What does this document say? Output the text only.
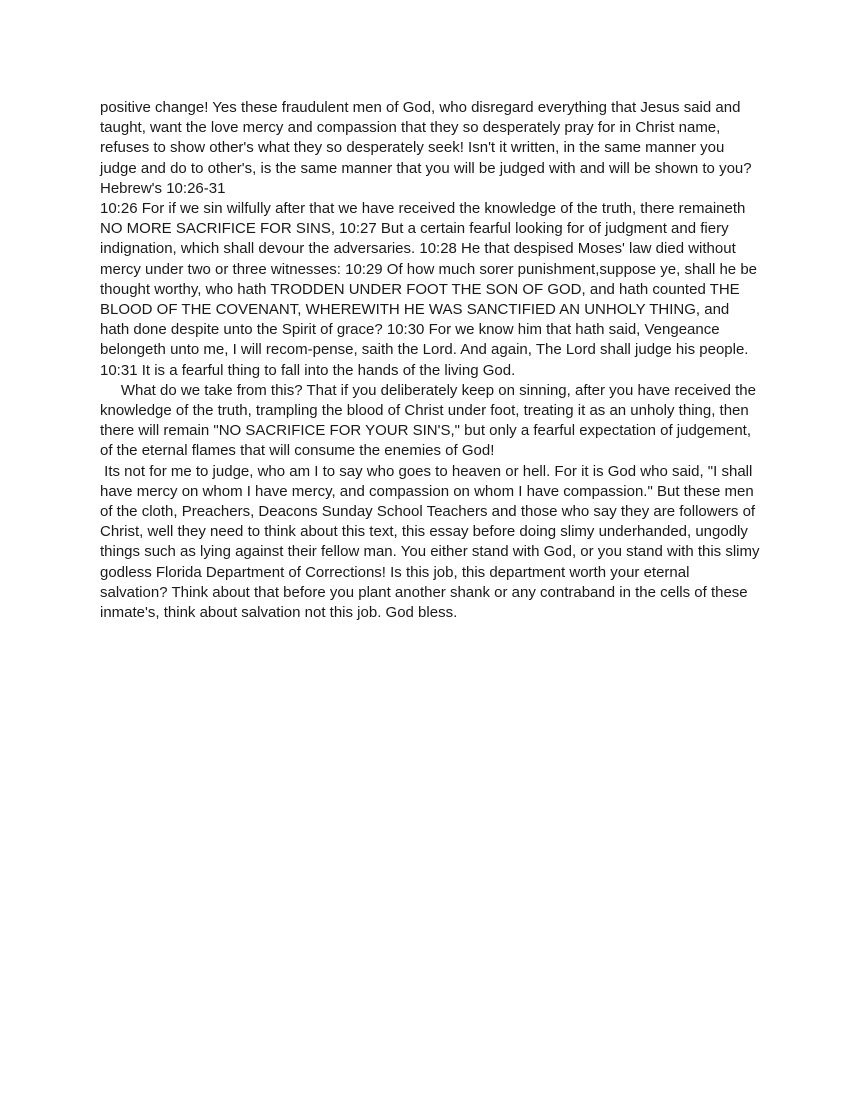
positive change! Yes these fraudulent men of God, who disregard everything that Jesus said and taught, want the love mercy and compassion that they so desperately pray for in Christ name, refuses to show other's what they so desperately seek! Isn't it written, in the same manner you judge and do to other's, is the same manner that you will be judged with and will be shown to you?

Hebrew's 10:26-31

10:26 For if we sin wilfully after that we have received the knowledge of the truth, there remaineth NO MORE SACRIFICE FOR SINS, 10:27 But a certain fearful looking for of judgment and fiery indignation, which shall devour the adversaries. 10:28 He that despised Moses' law died without mercy under two or three witnesses: 10:29 Of how much sorer punishment,suppose ye, shall he be thought worthy, who hath TRODDEN UNDER FOOT THE SON OF GOD, and hath counted THE BLOOD OF THE COVENANT, WHEREWITH HE WAS SANCTIFIED AN UNHOLY THING, and hath done despite unto the Spirit of grace? 10:30 For we know him that hath said, Vengeance belongeth unto me, I will recom-pense, saith the Lord. And again, The Lord shall judge his people. 10:31 It is a fearful thing to fall into the hands of the living God.

What do we take from this? That if you deliberately keep on sinning, after you have received the knowledge of the truth, trampling the blood of Christ under foot, treating it as an unholy thing, then there will remain "NO SACRIFICE FOR YOUR SIN'S," but only a fearful expectation of judgement, of the eternal flames that will consume the enemies of God!

Its not for me to judge, who am I to say who goes to heaven or hell. For it is God who said, "I shall have mercy on whom I have mercy, and compassion on whom I have compassion." But these men of the cloth, Preachers, Deacons Sunday School Teachers and those who say they are followers of Christ, well they need to think about this text, this essay before doing slimy underhanded, ungodly things such as lying against their fellow man. You either stand with God, or you stand with this slimy godless Florida Department of Corrections! Is this job, this department worth your eternal salvation? Think about that before you plant another shank or any contraband in the cells of these inmate's, think about salvation not this job. God bless.
